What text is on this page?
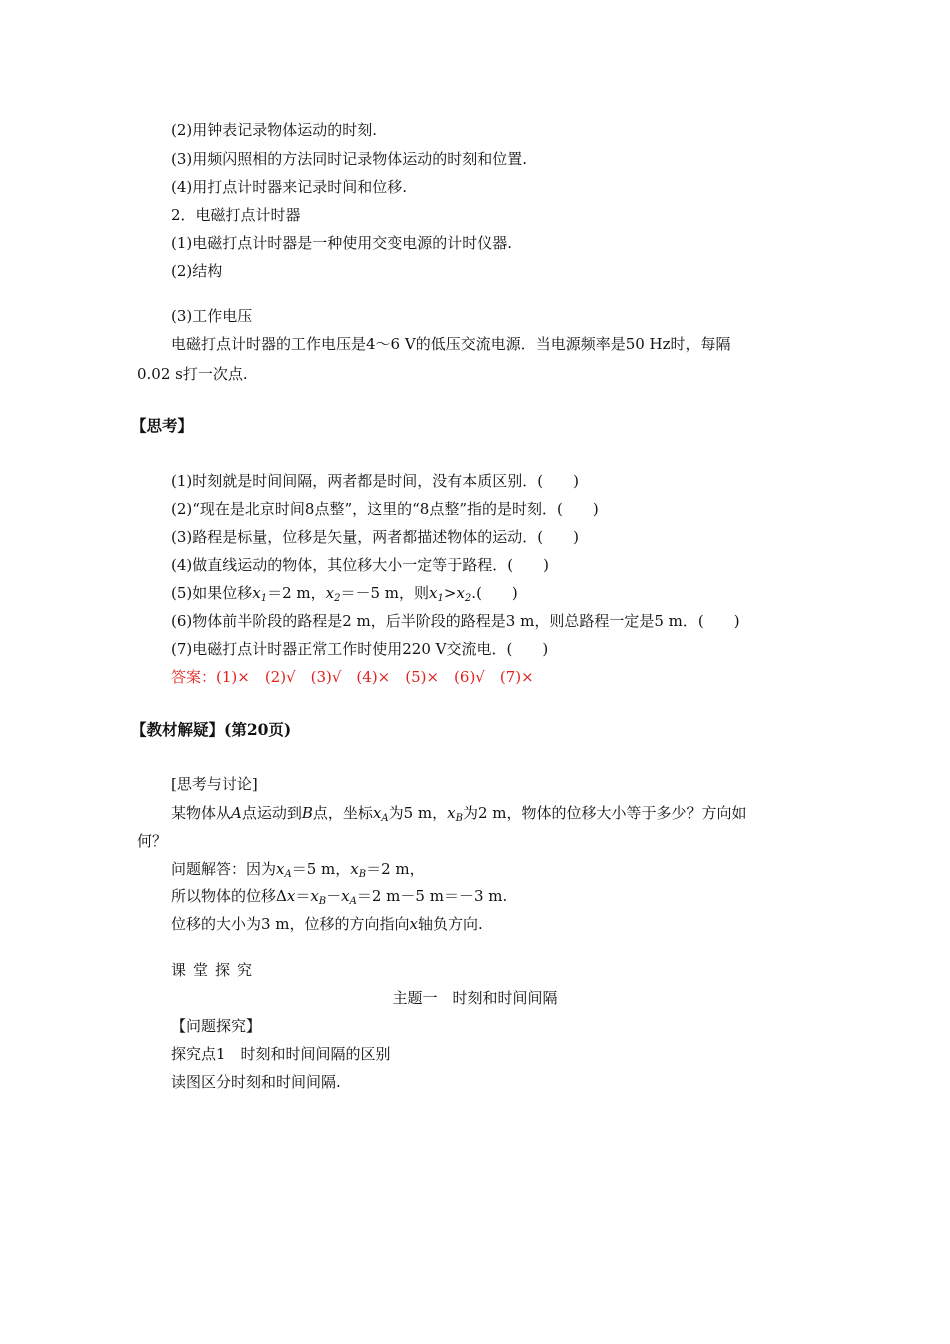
(2)用钟表记录物体运动的时刻.
(3)用频闪照相的方法同时记录物体运动的时刻和位置.
(4)用打点计时器来记录时间和位移.
2．电磁打点计时器
(1)电磁打点计时器是一种使用交变电源的计时仪器.
(2)结构
(3)工作电压
电磁打点计时器的工作电压是4～6 V的低压交流电源．当电源频率是50 Hz时，每隔
0.02 s打一次点.
【思考】
(1)时刻就是时间间隔，两者都是时间，没有本质区别．(　　)
(2)“现在是北京时间8点整”，这里的“8点整”指的是时刻．(　　)
(3)路程是标量，位移是矢量，两者都描述物体的运动．(　　)
(4)做直线运动的物体，其位移大小一定等于路程．(　　)
(5)如果位移$x_1=2$ m，$x_2=-5$ m，则$x_1>x_2$.(　　)
(6)物体前半阶段的路程是2 m，后半阶段的路程是3 m，则总路程一定是5 m．(　　)
(7)电磁打点计时器正常工作时使用220 V交流电．(　　)
答案：(1)×　(2)√　(3)√　(4)×　(5)×　(6)√　(7)×
【教材解疑】(第20页)
[思考与讨论]
某物体从A点运动到B点，坐标$x_A$为5 m，$x_B$为2 m，物体的位移大小等于多少？方向如
何？
问题解答：因为$x_A=5$ m，$x_B=2$ m，
所以物体的位移$\Delta x=x_B-x_A=2$ m－5 m＝－3 m.
位移的大小为3 m，位移的方向指向x轴负方向.
课堂探究
主题一　时刻和时间间隔
【问题探究】
探究点1　时刻和时间间隔的区别
读图区分时刻和时间间隔.
